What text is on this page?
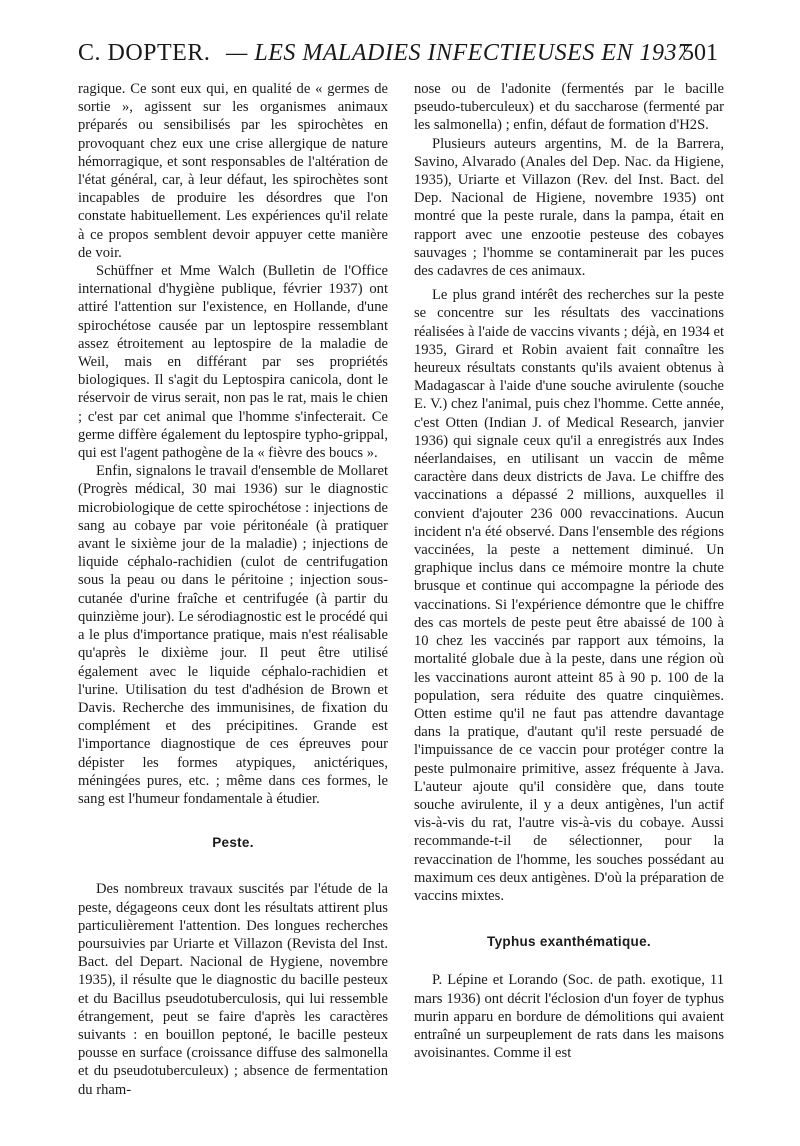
C. DOPTER. — LES MALADIES INFECTIEUSES EN 1937
501

ragique. Ce sont eux qui, en qualité de « germes de sortie », agissent sur les organismes animaux préparés ou sensibilisés par les spirochètes en provoquant chez eux une crise allergique de nature hémorragique, et sont responsables de l'altération de l'état général, car, à leur défaut, les spirochètes sont incapables de produire les désordres que l'on constate habituellement. Les expériences qu'il relate à ce propos semblent devoir appuyer cette manière de voir.

Schüffner et Mme Walch (Bulletin de l'Office international d'hygiène publique, février 1937) ont attiré l'attention sur l'existence, en Hollande, d'une spirochétose causée par un leptospire ressemblant assez étroitement au leptospire de la maladie de Weil, mais en différant par ses propriétés biologiques. Il s'agit du Leptospira canicola, dont le réservoir de virus serait, non pas le rat, mais le chien ; c'est par cet animal que l'homme s'infecterait. Ce germe diffère également du leptospire typho-grippal, qui est l'agent pathogène de la « fièvre des boucs ».

Enfin, signalons le travail d'ensemble de Mollaret (Progrès médical, 30 mai 1936) sur le diagnostic microbiologique de cette spirochétose : injections de sang au cobaye par voie péritonéale (à pratiquer avant le sixième jour de la maladie) ; injections de liquide céphalo-rachidien (culot de centrifugation sous la peau ou dans le péritoine ; injection sous-cutanée d'urine fraîche et centrifugée (à partir du quinzième jour). Le sérodiagnostic est le procédé qui a le plus d'importance pratique, mais n'est réalisable qu'après le dixième jour. Il peut être utilisé également avec le liquide céphalo-rachidien et l'urine. Utilisation du test d'adhésion de Brown et Davis. Recherche des immunisines, de fixation du complément et des précipitines. Grande est l'importance diagnostique de ces épreuves pour dépister les formes atypiques, anictériques, méningées pures, etc. ; même dans ces formes, le sang est l'humeur fondamentale à étudier.

Peste.

Des nombreux travaux suscités par l'étude de la peste, dégageons ceux dont les résultats attirent plus particulièrement l'attention. Des longues recherches poursuivies par Uriarte et Villazon (Revista del Inst. Bact. del Depart. Nacional de Hygiene, novembre 1935), il résulte que le diagnostic du bacille pesteux et du Bacillus pseudotuberculosis, qui lui ressemble étrangement, peut se faire d'après les caractères suivants : en bouillon peptoné, le bacille pesteux pousse en surface (croissance diffuse des salmonella et du pseudotuberculeux) ; absence de fermentation du rham-

nose ou de l'adonite (fermentés par le bacille pseudo-tuberculeux) et du saccharose (fermenté par les salmonella) ; enfin, défaut de formation d'H2S.

Plusieurs auteurs argentins, M. de la Barrera, Savino, Alvarado (Anales del Dep. Nac. da Higiene, 1935), Uriarte et Villazon (Rev. del Inst. Bact. del Dep. Nacional de Higiene, novembre 1935) ont montré que la peste rurale, dans la pampa, était en rapport avec une enzootie pesteuse des cobayes sauvages ; l'homme se contaminerait par les puces des cadavres de ces animaux.

Le plus grand intérêt des recherches sur la peste se concentre sur les résultats des vaccinations réalisées à l'aide de vaccins vivants ; déjà, en 1934 et 1935, Girard et Robin avaient fait connaître les heureux résultats constants qu'ils avaient obtenus à Madagascar à l'aide d'une souche avirulente (souche E. V.) chez l'animal, puis chez l'homme. Cette année, c'est Otten (Indian J. of Medical Research, janvier 1936) qui signale ceux qu'il a enregistrés aux Indes néerlandaises, en utilisant un vaccin de même caractère dans deux districts de Java. Le chiffre des vaccinations a dépassé 2 millions, auxquelles il convient d'ajouter 236 000 revaccinations. Aucun incident n'a été observé. Dans l'ensemble des régions vaccinées, la peste a nettement diminué. Un graphique inclus dans ce mémoire montre la chute brusque et continue qui accompagne la période des vaccinations. Si l'expérience démontre que le chiffre des cas mortels de peste peut être abaissé de 100 à 10 chez les vaccinés par rapport aux témoins, la mortalité globale due à la peste, dans une région où les vaccinations auront atteint 85 à 90 p. 100 de la population, sera réduite des quatre cinquièmes. Otten estime qu'il ne faut pas attendre davantage dans la pratique, d'autant qu'il reste persuadé de l'impuissance de ce vaccin pour protéger contre la peste pulmonaire primitive, assez fréquente à Java. L'auteur ajoute qu'il considère que, dans toute souche avirulente, il y a deux antigènes, l'un actif vis-à-vis du rat, l'autre vis-à-vis du cobaye. Aussi recommande-t-il de sélectionner, pour la revaccination de l'homme, les souches possédant au maximum ces deux antigènes. D'où la préparation de vaccins mixtes.

Typhus exanthématique.

P. Lépine et Lorando (Soc. de path. exotique, 11 mars 1936) ont décrit l'éclosion d'un foyer de typhus murin apparu en bordure de démolitions qui avaient entraîné un surpeuplement de rats dans les maisons avoisinantes. Comme il est
